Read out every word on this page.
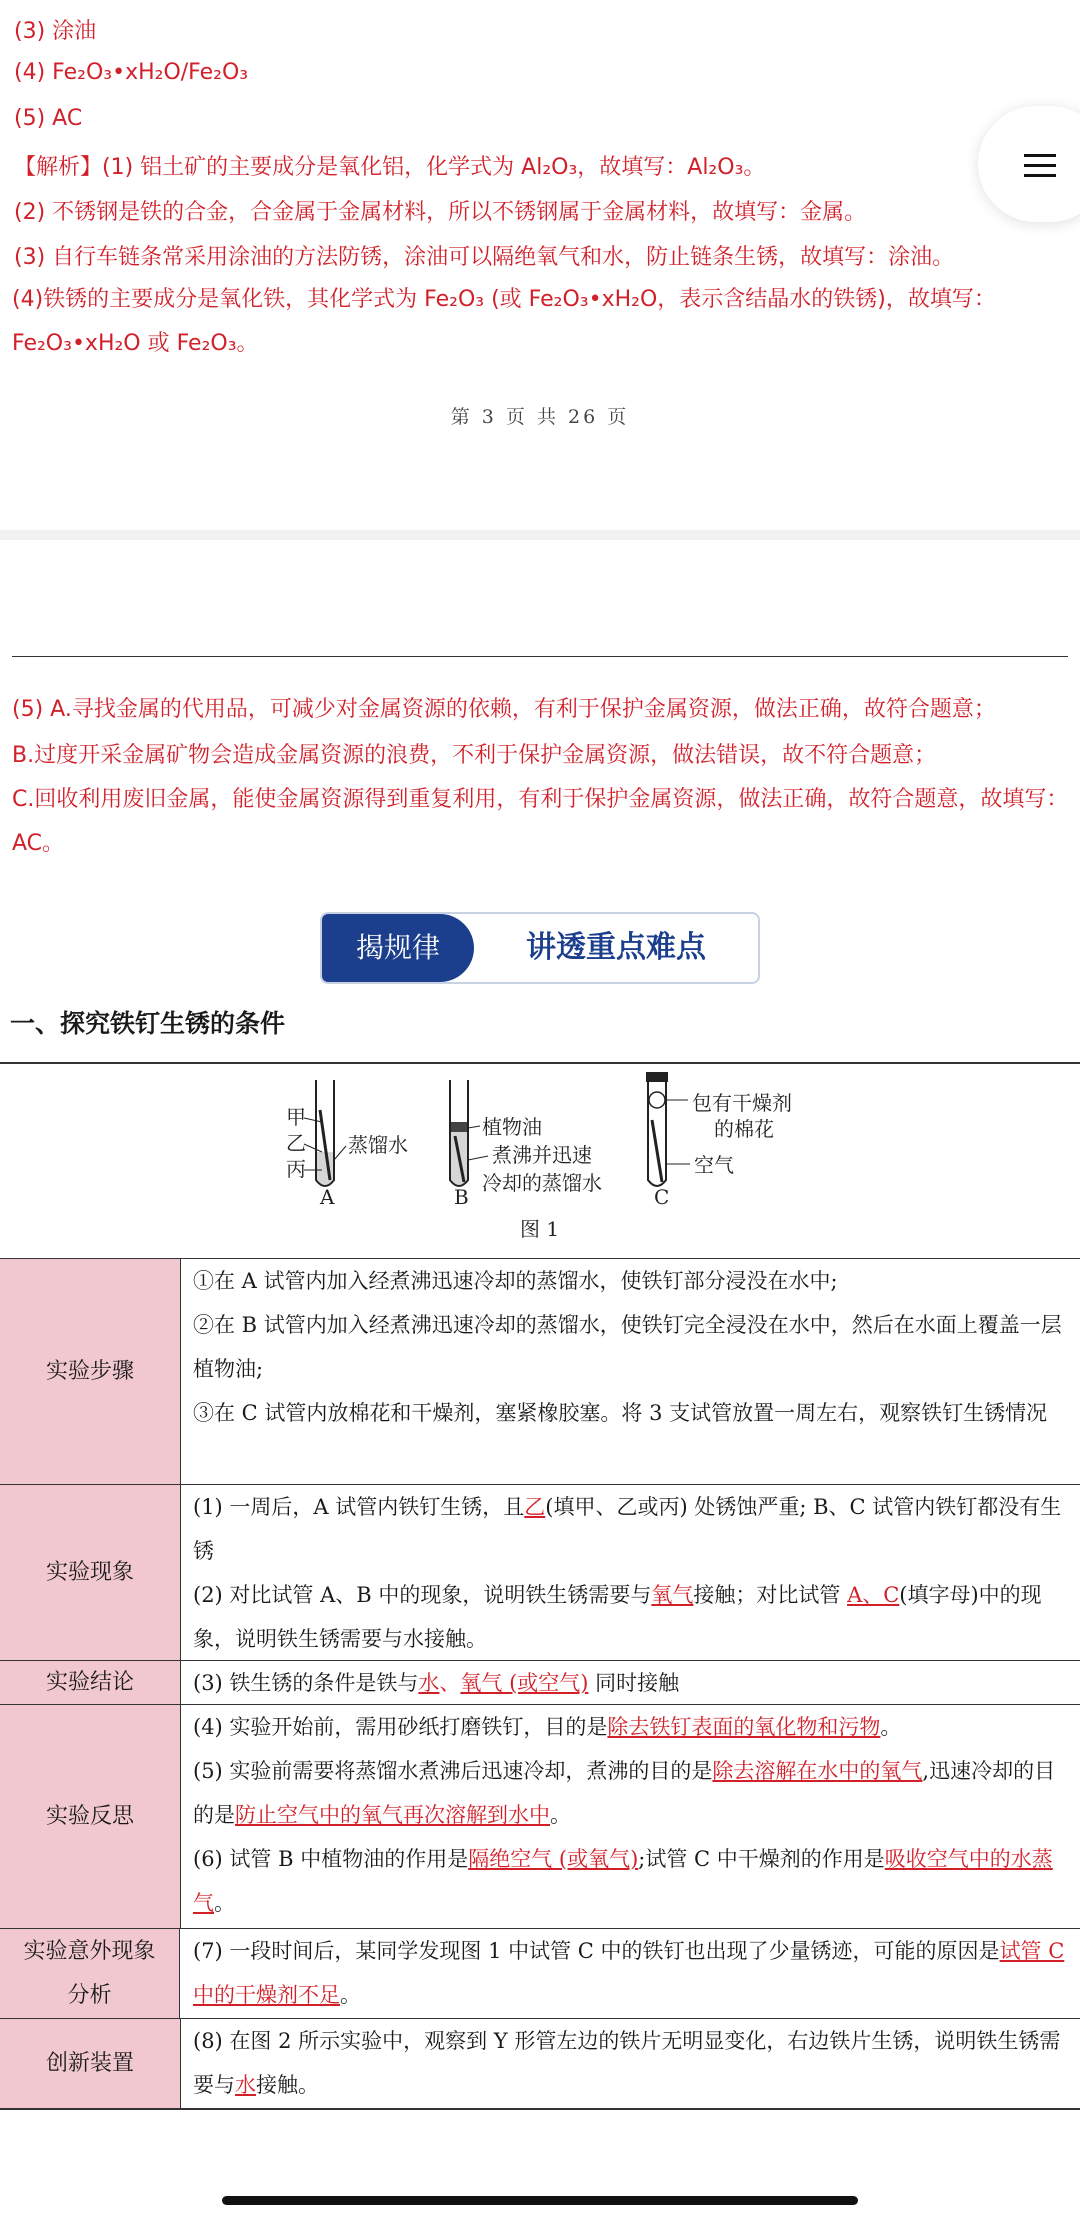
(3) 涂油
(4) Fe₂O₃•xH₂O/Fe₂O₃
(5) AC
【解析】(1) 铝土矿的主要成分是氧化铝，化学式为 Al₂O₃，故填写：Al₂O₃。
(2) 不锈钢是铁的合金，合金属于金属材料，所以不锈钢属于金属材料，故填写：金属。
(3) 自行车链条常采用涂油的方法防锈，涂油可以隔绝氧气和水，防止链条生锈，故填写：涂油。
(4)铁锈的主要成分是氧化铁，其化学式为 Fe₂O₃ (或 Fe₂O₃•xH₂O，表示含结晶水的铁锈)，故填写：Fe₂O₃•xH₂O 或 Fe₂O₃。
第 3 页 共 26 页
(5) A.寻找金属的代用品，可减少对金属资源的依赖，有利于保护金属资源，做法正确，故符合题意；
B.过度开采金属矿物会造成金属资源的浪费，不利于保护金属资源，做法错误，故不符合题意；
C.回收利用废旧金属，能使金属资源得到重复利用，有利于保护金属资源，做法正确，故符合题意，故填写：AC。
揭规律	讲透重点难点
一、探究铁钉生锈的条件
甲
乙
丙
A
蒸馏水
B
植物油
煮沸并迅速
冷却的蒸馏水
C
包有干燥剂
的棉花
空气
图 1
实验步骤
①在 A 试管内加入经煮沸迅速冷却的蒸馏水，使铁钉部分浸没在水中;
②在 B 试管内加入经煮沸迅速冷却的蒸馏水，使铁钉完全浸没在水中，然后在水面上覆盖一层植物油;
③在 C 试管内放棉花和干燥剂，塞紧橡胶塞。将 3 支试管放置一周左右，观察铁钉生锈情况
实验现象
(1) 一周后，A 试管内铁钉生锈，且乙(填甲、乙或丙) 处锈蚀严重; B、C 试管内铁钉都没有生锈
(2) 对比试管 A、B 中的现象，说明铁生锈需要与氧气接触；对比试管 A、C(填字母)中的现象，说明铁生锈需要与水接触。
实验结论	(3) 铁生锈的条件是铁与水、氧气 (或空气) 同时接触
实验反思
(4) 实验开始前，需用砂纸打磨铁钉，目的是除去铁钉表面的氧化物和污物。
(5) 实验前需要将蒸馏水煮沸后迅速冷却，煮沸的目的是除去溶解在水中的氧气,迅速冷却的目的是防止空气中的氧气再次溶解到水中。
(6) 试管 B 中植物油的作用是隔绝空气 (或氧气);试管 C 中干燥剂的作用是吸收空气中的水蒸气。
实验意外现象分析
(7) 一段时间后，某同学发现图 1 中试管 C 中的铁钉也出现了少量锈迹，可能的原因是试管 C 中的干燥剂不足。
创新装置
(8) 在图 2 所示实验中，观察到 Y 形管左边的铁片无明显变化，右边铁片生锈，说明铁生锈需要与水接触。
